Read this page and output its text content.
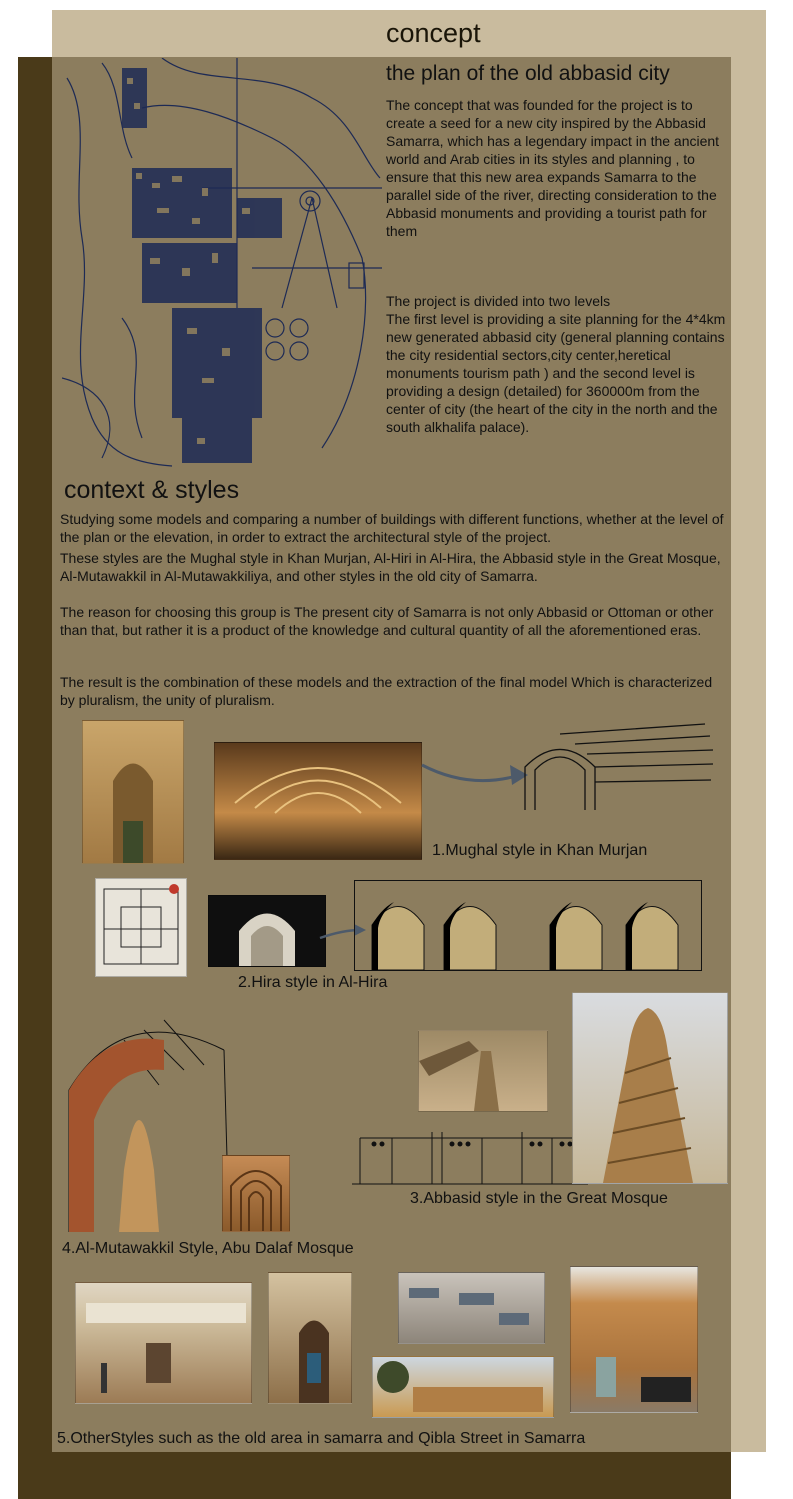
concept
the plan of the old abbasid city

The concept that was founded for the project is to create a seed for a new city inspired by the Abbasid Samarra, which has a legendary impact in the ancient world and Arab cities in its styles and planning , to ensure that this new area expands Samarra to the parallel side of the river, directing consideration to the Abbasid monuments and providing a tourist path for them

The project is divided into two levels

The first level is providing a site planning for the 4*4km new generated abbasid city (general planning contains the city residential sectors,city center,heretical monuments tourism path ) and the second level is providing a design (detailed) for 360000m from the center of city (the heart of the city in the north and the south alkhalifa palace).

context & styles

Studying some models and comparing a number of buildings with different functions, whether at the level of the plan or the elevation, in order to extract the architectural style of the project.

These styles are the Mughal style in Khan Murjan, Al-Hiri in Al-Hira, the Abbasid style in the Great Mosque, Al-Mutawakkil in Al-Mutawakkiliya, and other styles in the old city of Samarra.

The reason for choosing this group is The present city of Samarra is not only Abbasid or Ottoman or other than that, but rather it is a product of the knowledge and cultural quantity of all the aforementioned eras.

The result is the combination of these models and the extraction of the final model Which is characterized by pluralism, the unity of pluralism.

1.Mughal style in Khan Murjan

2.Hira style in Al-Hira

3.Abbasid style in the Great Mosque

4.Al-Mutawakkil Style, Abu Dalaf Mosque

5.OtherStyles such as the old area in samarra and Qibla Street in Samarra
